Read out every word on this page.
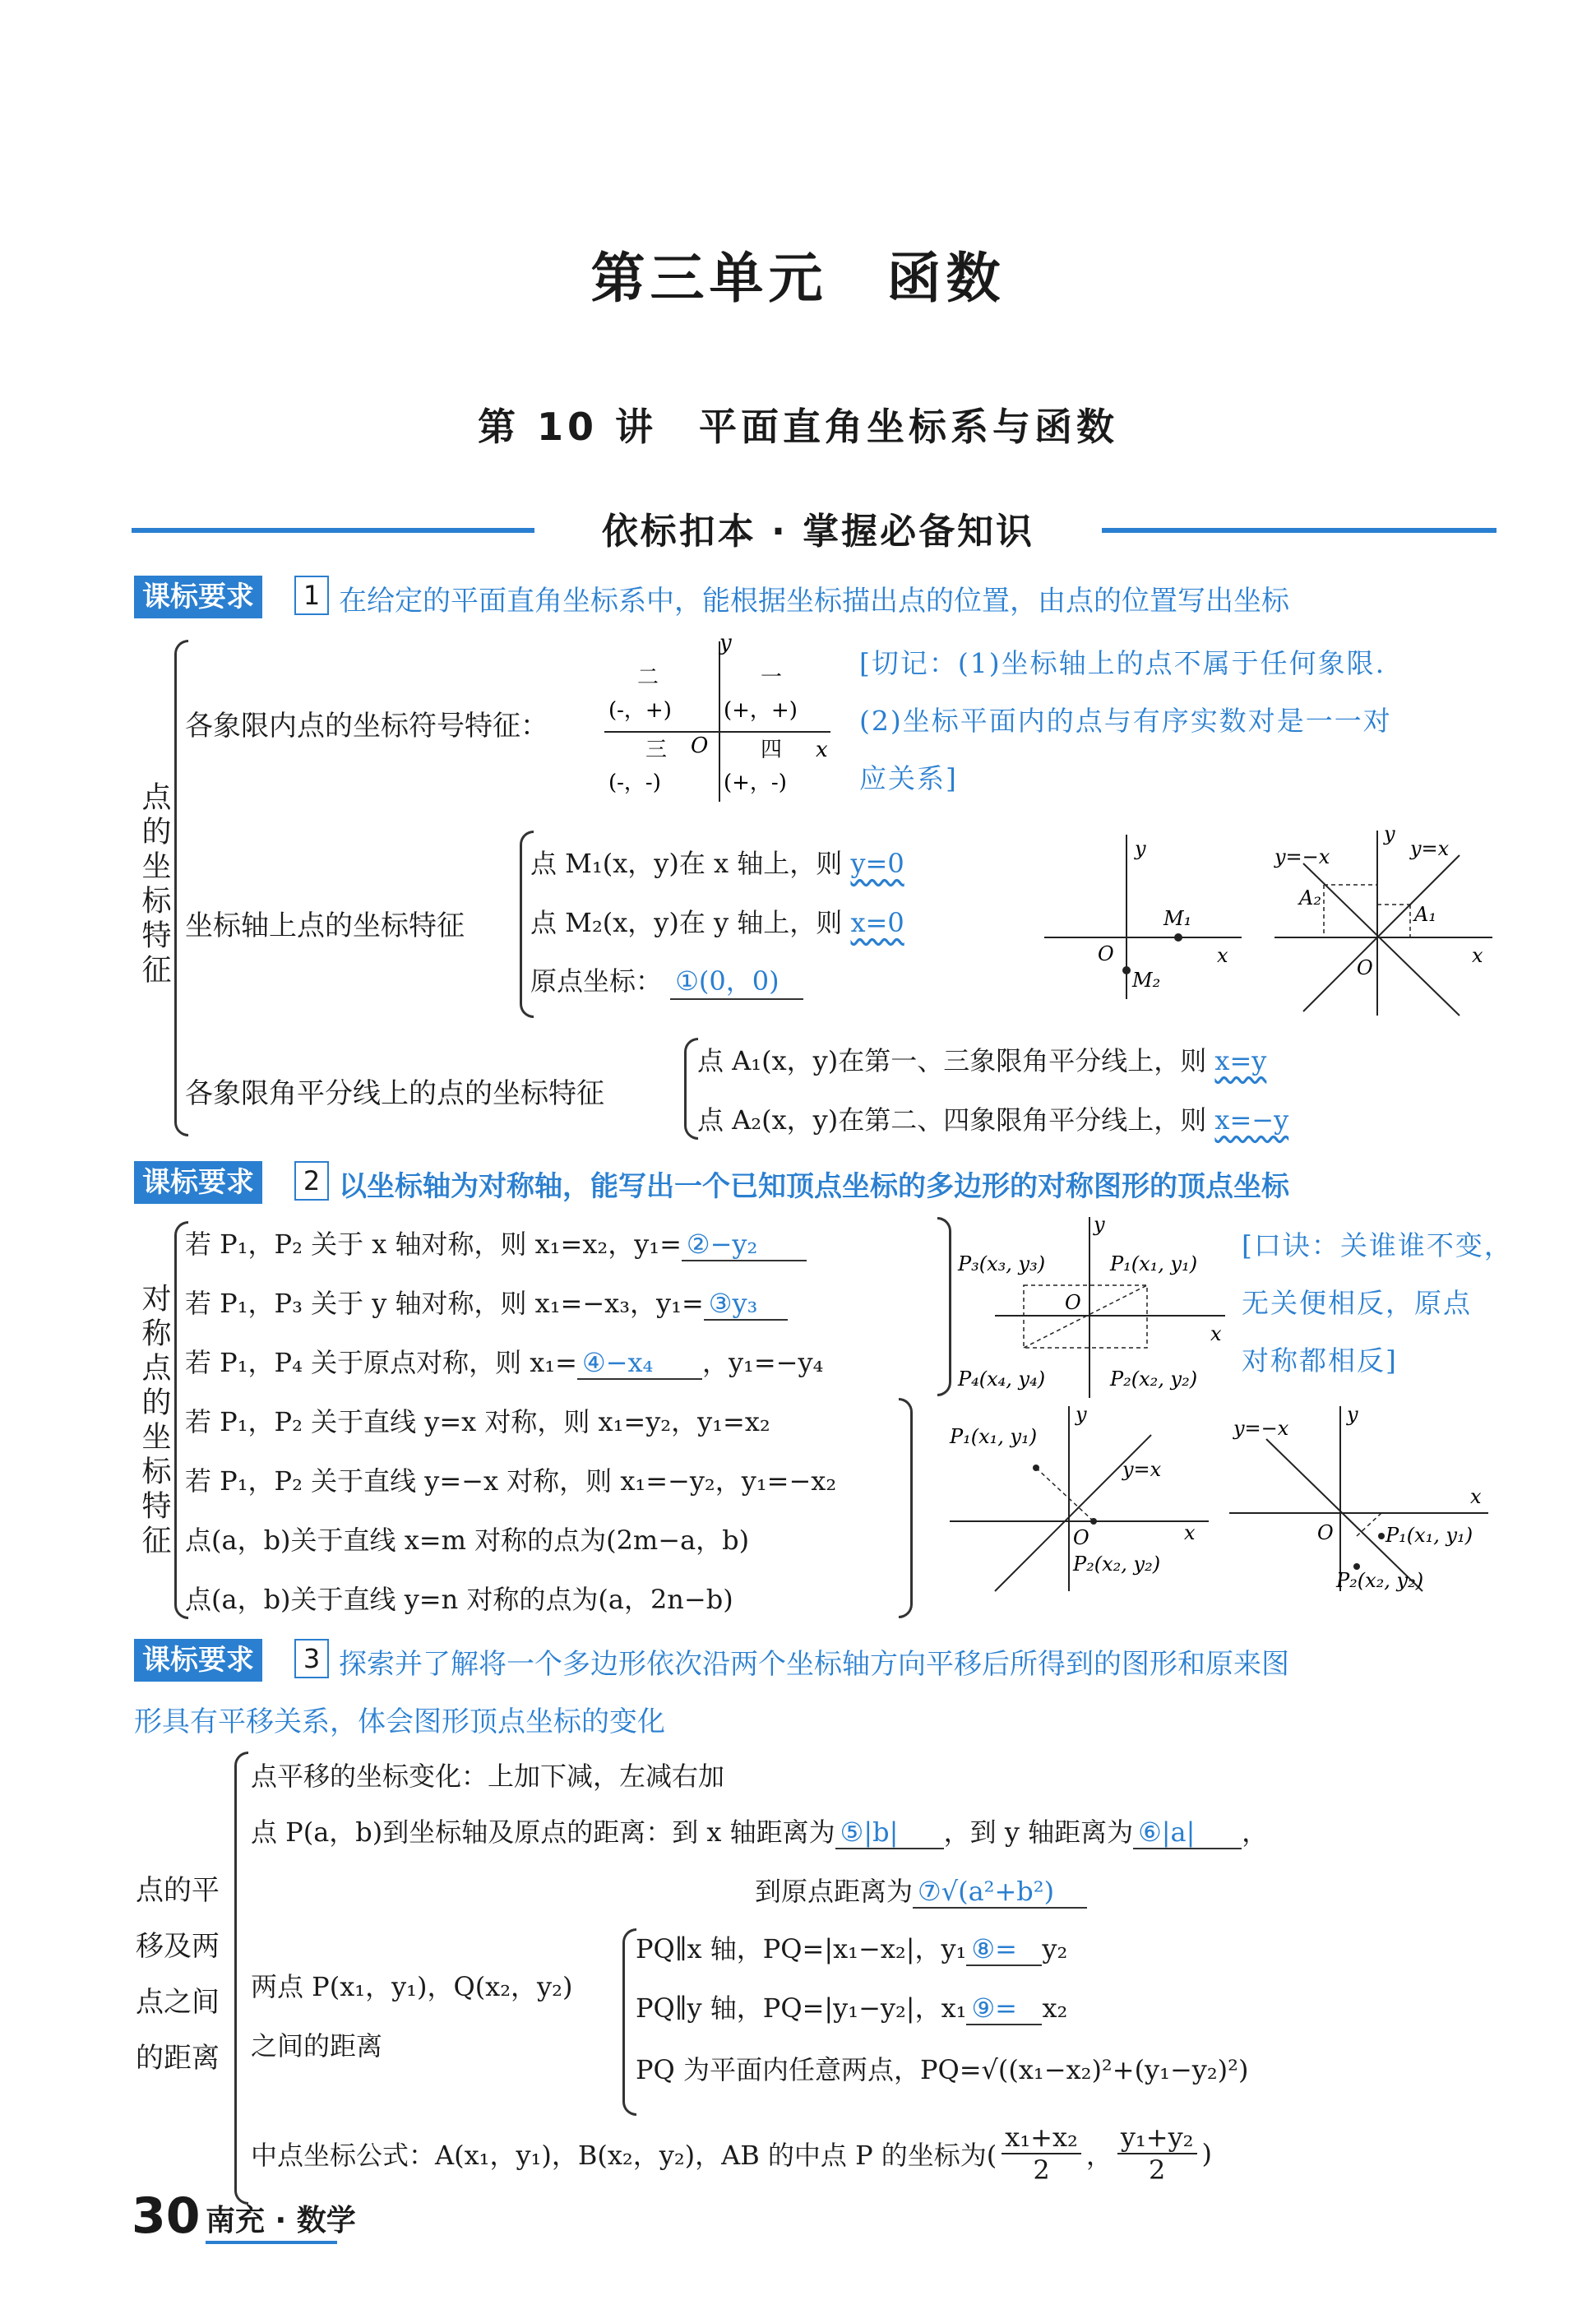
第三单元　函数
第 10 讲　平面直角坐标系与函数
依标扣本 · 掌握必备知识
课标要求	1 在给定的平面直角坐标系中，能根据坐标描出点的位置，由点的位置写出坐标
点的坐标特征
各象限内点的坐标符号特征：
y
x
O
二	一
(-，+) (+，+)
三	四
(-，-)	(+，-)
[切记：(1)坐标轴上的点不属于任何象限.
(2)坐标平面内的点与有序实数对是一一对
应关系]
坐标轴上点的坐标特征
点 M₁(x，y)在 x 轴上，则 y=0
点 M₂(x，y)在 y 轴上，则 x=0
原点坐标： ①(0，0)
y
x
O
M₁
M₂
y=−x	y=x
y
x
O
A₂
A₁
各象限角平分线上的点的坐标特征
点 A₁(x，y)在第一、三象限角平分线上，则 x=y
点 A₂(x，y)在第二、四象限角平分线上，则 x=−y
课标要求	2 以坐标轴为对称轴，能写出一个已知顶点坐标的多边形的对称图形的顶点坐标
对称点的坐标特征
若 P₁，P₂ 关于 x 轴对称，则 x₁=x₂，y₁= ②−y₂
若 P₁，P₃ 关于 y 轴对称，则 x₁=−x₃，y₁= ③y₃
若 P₁，P₄ 关于原点对称，则 x₁= ④−x₄ ，y₁=−y₄
若 P₁，P₂ 关于直线 y=x 对称，则 x₁=y₂，y₁=x₂
若 P₁，P₂ 关于直线 y=−x 对称，则 x₁=−y₂，y₁=−x₂
点(a，b)关于直线 x=m 对称的点为(2m−a，b)
点(a，b)关于直线 y=n 对称的点为(a，2n−b)
y
x
O
P₃(x₃, y₃)	P₁(x₁, y₁)
P₄(x₄, y₄)	P₂(x₂, y₂)
[口诀：关谁谁不变，
无关便相反，原点
对称都相反]
P₁(x₁, y₁)
P₂(x₂, y₂)
y=x
y
x
O
y=−x
y
x
O	P₁(x₁, y₁)
P₂(x₂, y₂)
课标要求	3 探索并了解将一个多边形依次沿两个坐标轴方向平移后所得到的图形和原来图
形具有平移关系，体会图形顶点坐标的变化
点的平
移及两
点之间
的距离
点平移的坐标变化：上加下减，左减右加
点 P(a，b)到坐标轴及原点的距离：到 x 轴距离为 ⑤|b| ，到 y 轴距离为 ⑥|a| ，
到原点距离为 ⑦√(a²+b²)
两点 P(x₁，y₁)，Q(x₂，y₂)
之间的距离
PQ∥x 轴，PQ=|x₁−x₂|，y₁ ⑧= y₂
PQ∥y 轴，PQ=|y₁−y₂|，x₁ ⑨= x₂
PQ 为平面内任意两点，PQ=√((x₁−x₂)²+(y₁−y₂)²)
中点坐标公式：A(x₁，y₁)，B(x₂，y₂)，AB 的中点 P 的坐标为( $\frac{\text{x₁+x₂}}{2}$ ， $\frac{\text{y₁+y₂}}{2}$ )
30 南充 · 数学
